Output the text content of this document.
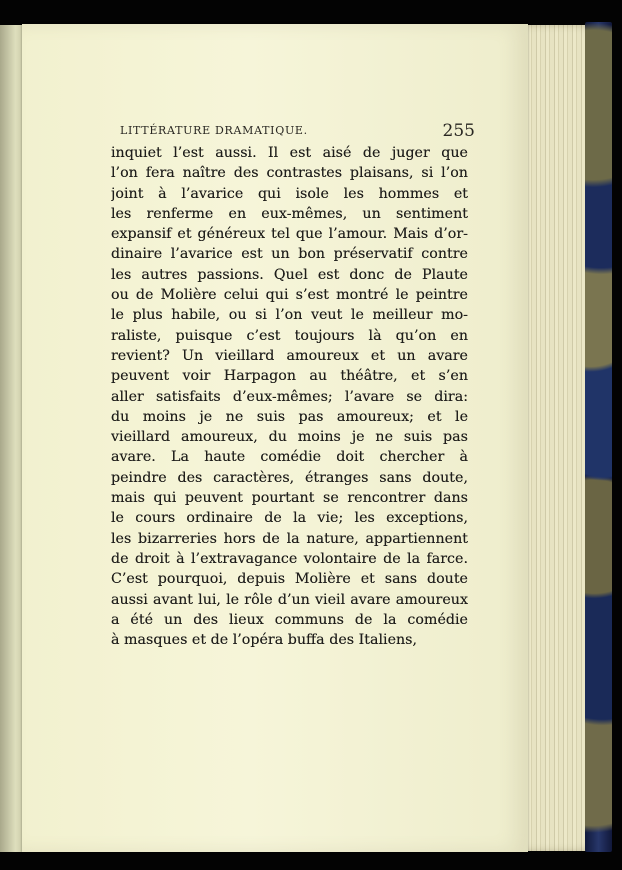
LITTÉRATURE DRAMATIQUE.	255
inquiet l’est aussi. Il est aisé de juger que
l’on fera naître des contrastes plaisans, si l’on
joint à l’avarice qui isole les hommes et
les renferme en eux-mêmes, un sentiment
expansif et généreux tel que l’amour. Mais d’or-
dinaire l’avarice est un bon préservatif contre
les autres passions. Quel est donc de Plaute
ou de Molière celui qui s’est montré le peintre
le plus habile, ou si l’on veut le meilleur mo-
raliste, puisque c’est toujours là qu’on en
revient? Un vieillard amoureux et un avare
peuvent voir Harpagon au théâtre, et s’en
aller satisfaits d’eux-mêmes; l’avare se dira:
du moins je ne suis pas amoureux; et le
vieillard amoureux, du moins je ne suis pas
avare. La haute comédie doit chercher à
peindre des caractères, étranges sans doute,
mais qui peuvent pourtant se rencontrer dans
le cours ordinaire de la vie; les exceptions,
les bizarreries hors de la nature, appartiennent
de droit à l’extravagance volontaire de la farce.
C’est pourquoi, depuis Molière et sans doute
aussi avant lui, le rôle d’un vieil avare amoureux
a été un des lieux communs de la comédie
à masques et de l’opéra buffa des Italiens,
